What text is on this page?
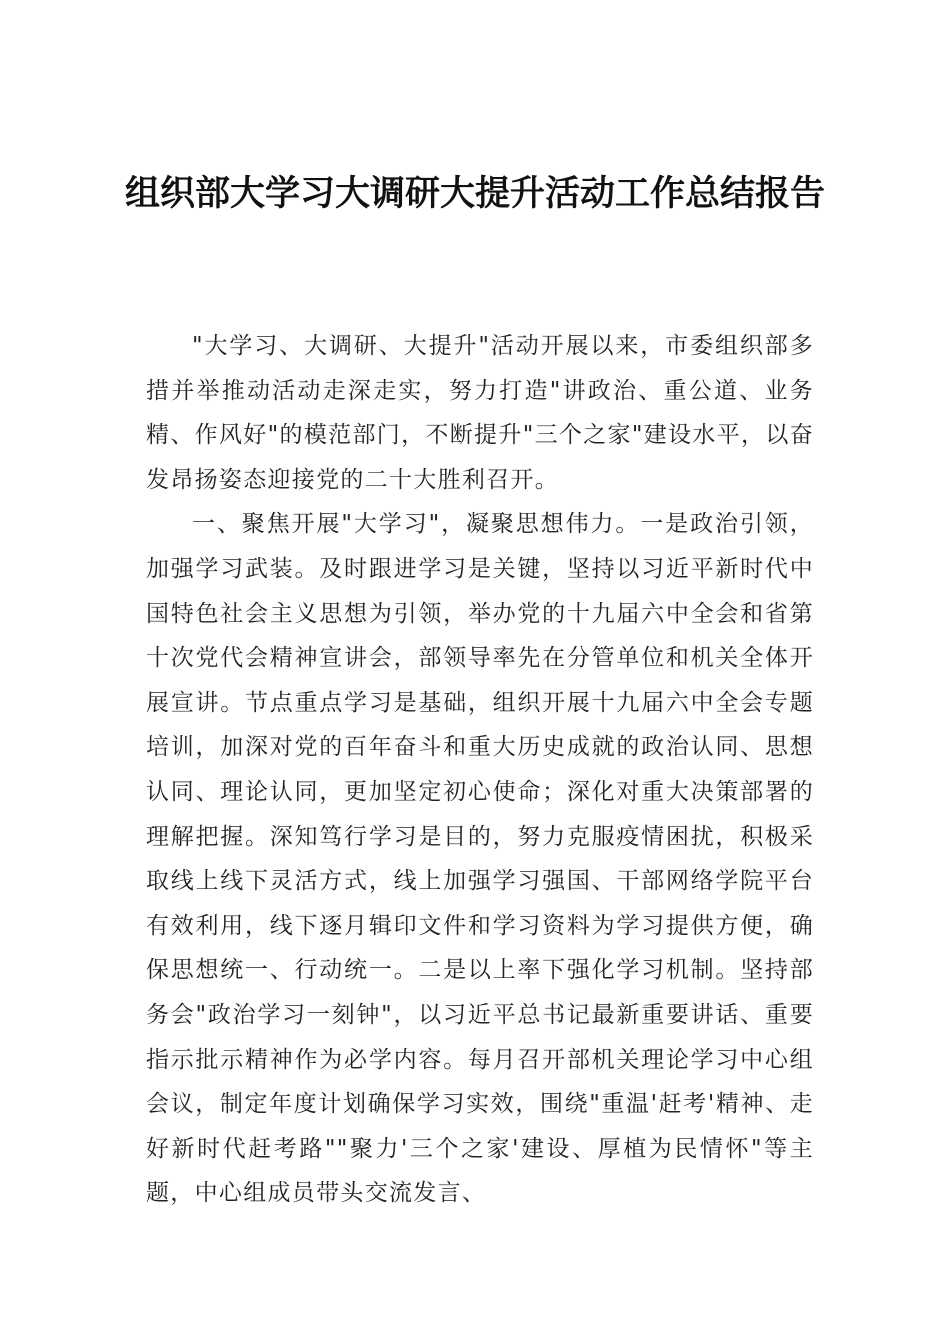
组织部大学习大调研大提升活动工作总结报告

"大学习、大调研、大提升"活动开展以来，市委组织部多措并举推动活动走深走实，努力打造"讲政治、重公道、业务精、作风好"的模范部门，不断提升"三个之家"建设水平，以奋发昂扬姿态迎接党的二十大胜利召开。

一、聚焦开展"大学习"，凝聚思想伟力。一是政治引领，加强学习武装。及时跟进学习是关键，坚持以习近平新时代中国特色社会主义思想为引领，举办党的十九届六中全会和省第十次党代会精神宣讲会，部领导率先在分管单位和机关全体开展宣讲。节点重点学习是基础，组织开展十九届六中全会专题培训，加深对党的百年奋斗和重大历史成就的政治认同、思想认同、理论认同，更加坚定初心使命；深化对重大决策部署的理解把握。深知笃行学习是目的，努力克服疫情困扰，积极采取线上线下灵活方式，线上加强学习强国、干部网络学院平台有效利用，线下逐月辑印文件和学习资料为学习提供方便，确保思想统一、行动统一。二是以上率下强化学习机制。坚持部务会"政治学习一刻钟"，以习近平总书记最新重要讲话、重要指示批示精神作为必学内容。每月召开部机关理论学习中心组会议，制定年度计划确保学习实效，围绕"重温'赶考'精神、走好新时代赶考路""聚力'三个之家'建设、厚植为民情怀"等主题，中心组成员带头交流发言、
